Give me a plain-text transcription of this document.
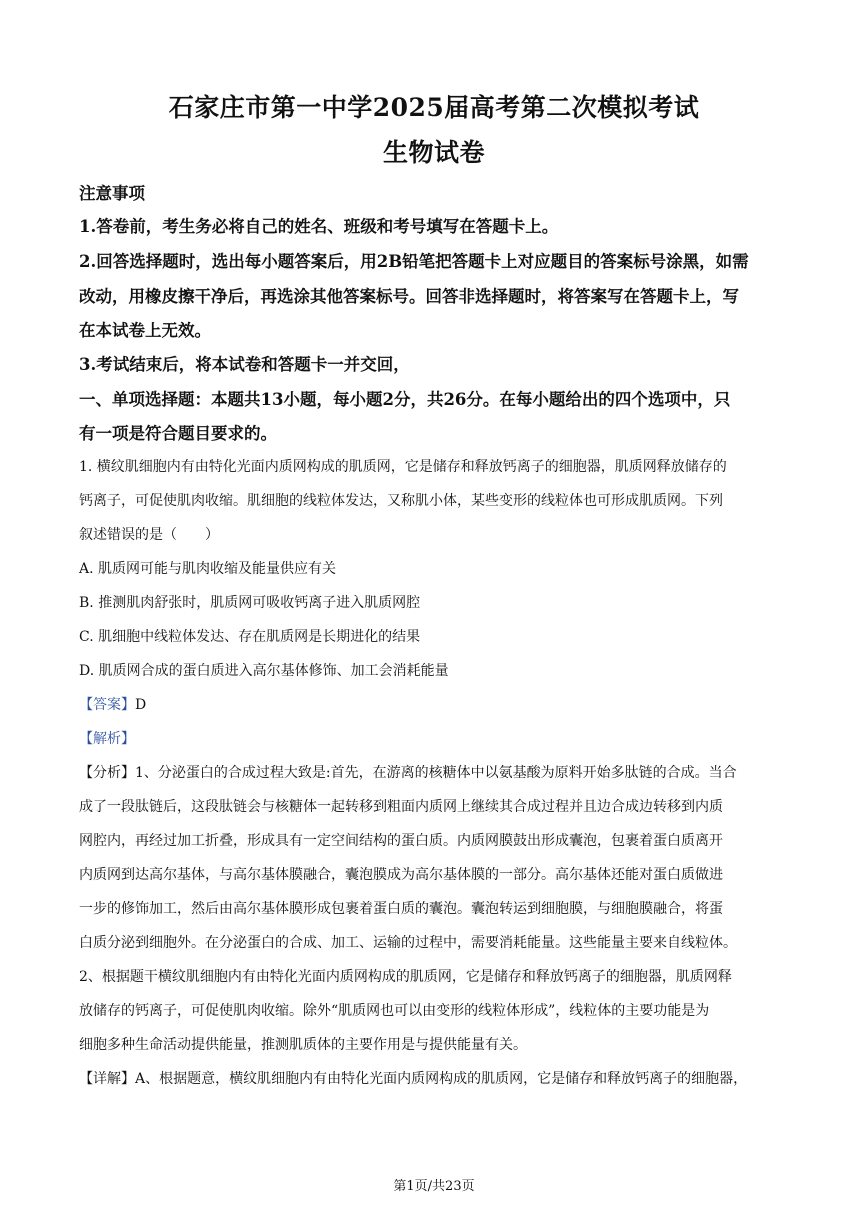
石家庄市第一中学2025届高考第二次模拟考试
生物试卷
注意事项
1.答卷前，考生务必将自己的姓名、班级和考号填写在答题卡上。
2.回答选择题时，选出每小题答案后，用2B铅笔把答题卡上对应题目的答案标号涂黑，如需
改动，用橡皮擦干净后，再选涂其他答案标号。回答非选择题时，将答案写在答题卡上，写
在本试卷上无效。
3.考试结束后，将本试卷和答题卡一并交回，
一、单项选择题：本题共13小题，每小题2分，共26分。在每小题给出的四个选项中，只
有一项是符合题目要求的。
1. 横纹肌细胞内有由特化光面内质网构成的肌质网，它是储存和释放钙离子的细胞器，肌质网释放储存的
钙离子，可促使肌肉收缩。肌细胞的线粒体发达，又称肌小体，某些变形的线粒体也可形成肌质网。下列
叙述错误的是（　　）
A. 肌质网可能与肌肉收缩及能量供应有关
B. 推测肌肉舒张时，肌质网可吸收钙离子进入肌质网腔
C. 肌细胞中线粒体发达、存在肌质网是长期进化的结果
D. 肌质网合成的蛋白质进入高尔基体修饰、加工会消耗能量
【答案】D
【解析】
【分析】1、分泌蛋白的合成过程大致是:首先，在游离的核糖体中以氨基酸为原料开始多肽链的合成。当合
成了一段肽链后，这段肽链会与核糖体一起转移到粗面内质网上继续其合成过程并且边合成边转移到内质
网腔内，再经过加工折叠，形成具有一定空间结构的蛋白质。内质网膜鼓出形成囊泡，包裹着蛋白质离开
内质网到达高尔基体，与高尔基体膜融合，囊泡膜成为高尔基体膜的一部分。高尔基体还能对蛋白质做进
一步的修饰加工，然后由高尔基体膜形成包裹着蛋白质的囊泡。囊泡转运到细胞膜，与细胞膜融合，将蛋
白质分泌到细胞外。在分泌蛋白的合成、加工、运输的过程中，需要消耗能量。这些能量主要来自线粒体。
2、根据题干横纹肌细胞内有由特化光面内质网构成的肌质网，它是储存和释放钙离子的细胞器，肌质网释
放储存的钙离子，可促使肌肉收缩。除外“肌质网也可以由变形的线粒体形成”，线粒体的主要功能是为
细胞多种生命活动提供能量，推测肌质体的主要作用是与提供能量有关。
【详解】A、根据题意，横纹肌细胞内有由特化光面内质网构成的肌质网，它是储存和释放钙离子的细胞器，
第1页/共23页
